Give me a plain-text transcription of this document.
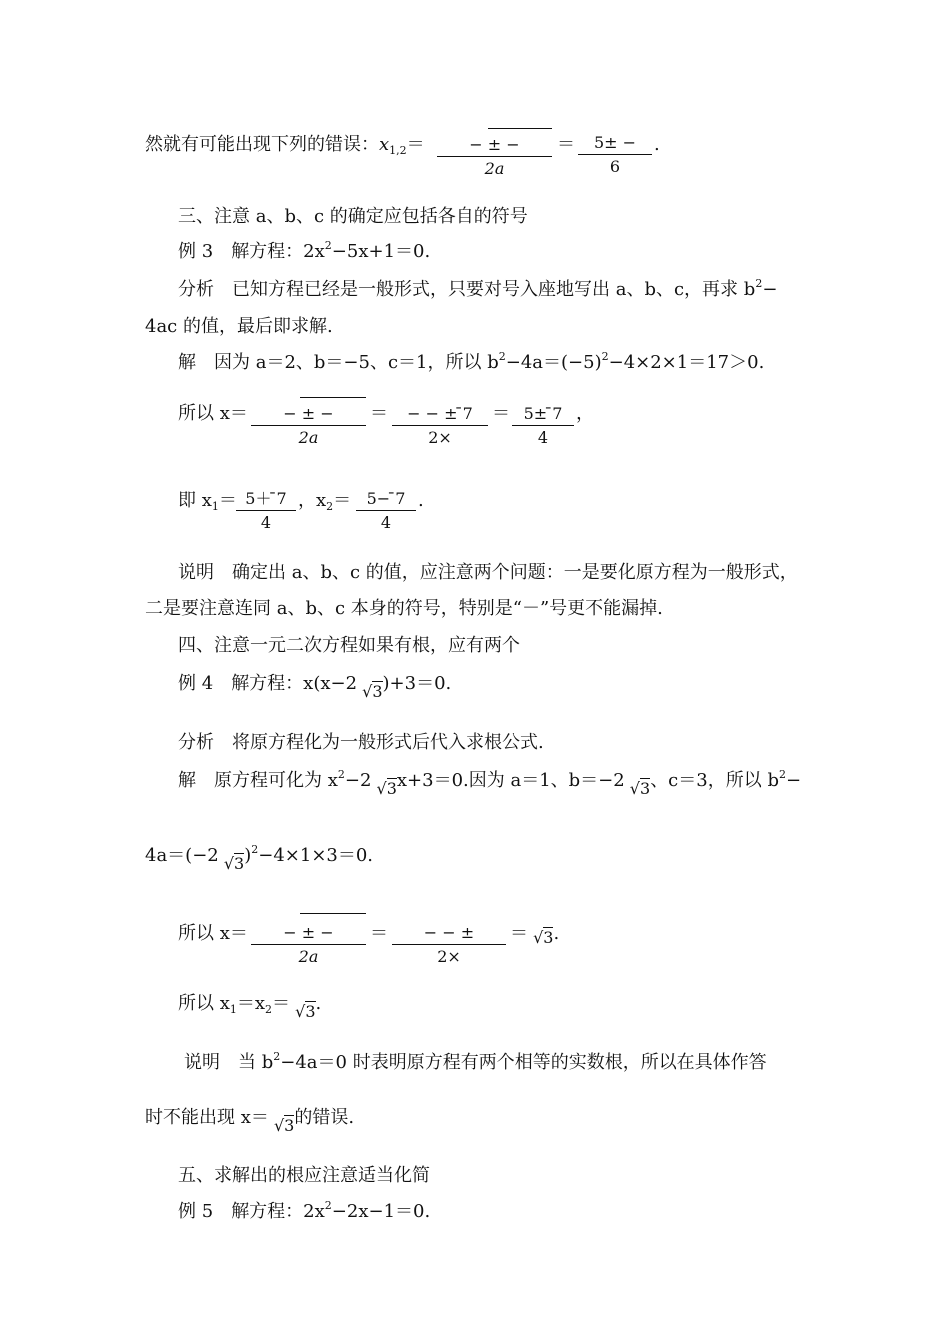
然就有可能出现下列的错误：$x_{1,2}=$	− ± −
2a
＝ $\frac{5\pm -}{6}$ .
三、注意 a、b、c 的确定应包括各自的符号
例 3　 解方程：$2x^2-5x+1=0$.
分析　已知方程已经是一般形式，只要对号入座地写出 a、b、c，再求 $b^2-$
4ac 的值，最后即求解.
解　因为 a＝2、b＝−5、c＝1，所以 $b^2-4a=(-5)^2-4\times 2\times 1=17>0$.
所以 x＝	− ± −
2a
＝ $\frac{- - \pm ̄7}{2\times} = \frac{5\pm ̄7}{4}$ ，
即 $x_1= \frac{5+ ̄7}{4}$ ，$x_2= \frac{5- ̄7}{4}$ .
说明　确定出 a、b、c 的值，应注意两个问题：一是要化原方程为一般形式，
二是要注意连同 a、b、c 本身的符号，特别是“－”号更不能漏掉.
四、注意一元二次方程如果有根，应有两个
例 4　 解方程：x(x−2 √3)+3＝0.
分析　将原方程化为一般形式后代入求根公式.
解　原方程可化为 $x^2-2$ √3x+3＝0.因为 a＝1、b＝−2 √3、c＝3，所以 $b^2-$
4a＝(−2 √3)$^2$−4×1×3＝0.
所以 x＝	− ± −
2a
＝	− − ±
2×
＝ √3.
所以 $x_1=x_2= √3$.
说明　当 $b^2-4a=0$ 时表明原方程有两个相等的实数根，所以在具体作答
时不能出现 x＝ √3的错误.
五、求解出的根应注意适当化简
例 5　 解方程：$2x^2-2x-1=0$.
